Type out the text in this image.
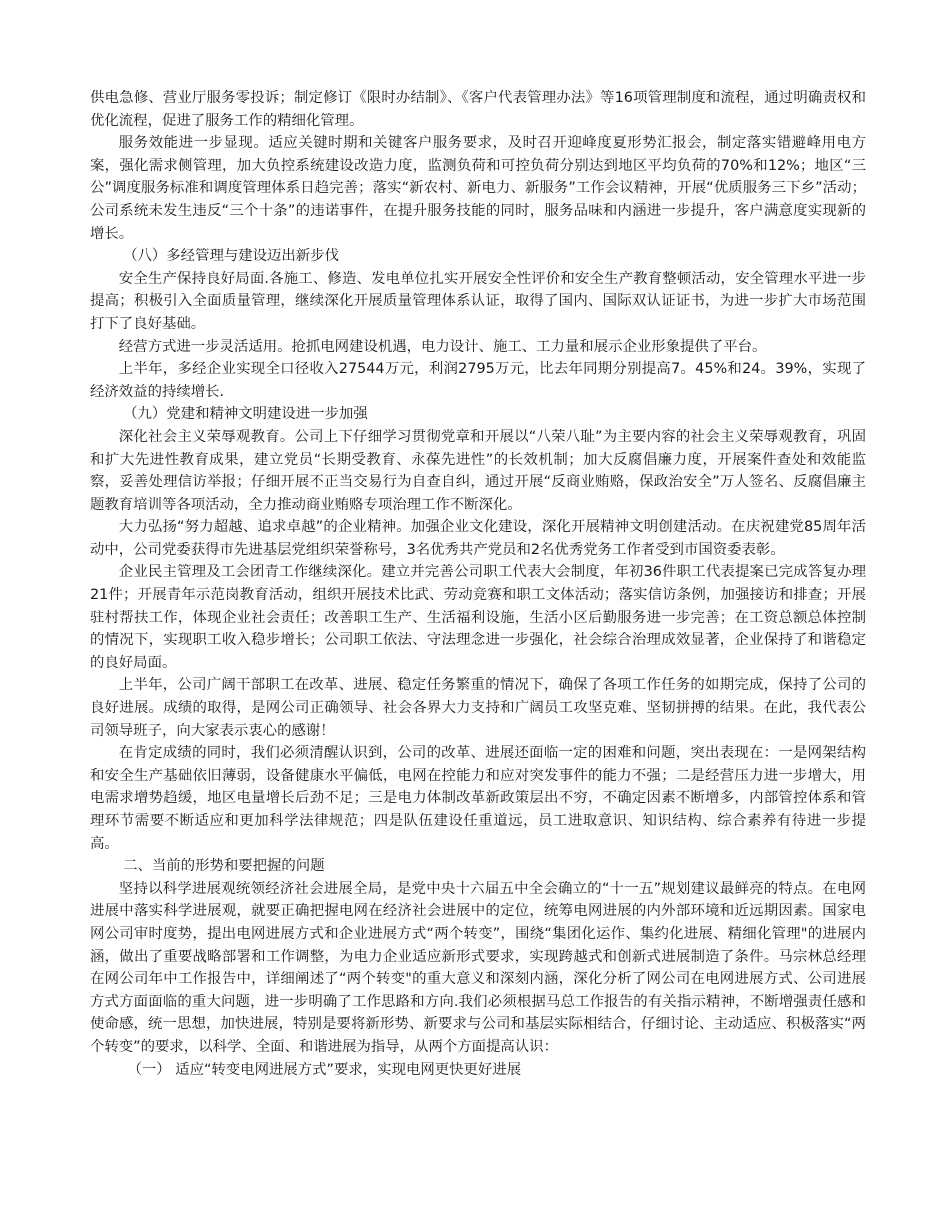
供电急修、营业厅服务零投诉；制定修订《限时办结制》、《客户代表管理办法》等16项管理制度和流程，通过明确责权和优化流程，促进了服务工作的精细化管理。

服务效能进一步显现。适应关键时期和关键客户服务要求，及时召开迎峰度夏形势汇报会，制定落实错避峰用电方案，强化需求侧管理，加大负控系统建设改造力度，监测负荷和可控负荷分别达到地区平均负荷的70%和12%；地区“三公”调度服务标准和调度管理体系日趋完善；落实“新农村、新电力、新服务”工作会议精神，开展“优质服务三下乡”活动；公司系统未发生违反“三个十条”的违诺事件，在提升服务技能的同时，服务品味和内涵进一步提升，客户满意度实现新的增长。

（八）多经管理与建设迈出新步伐

安全生产保持良好局面.各施工、修造、发电单位扎实开展安全性评价和安全生产教育整顿活动，安全管理水平进一步提高；积极引入全面质量管理，继续深化开展质量管理体系认证，取得了国内、国际双认证证书，为进一步扩大市场范围打下了良好基础。

经营方式进一步灵活适用。抢抓电网建设机遇，电力设计、施工、工力量和展示企业形象提供了平台。

上半年，多经企业实现全口径收入27544万元，利润2795万元，比去年同期分别提高7。45%和24。39%，实现了经济效益的持续增长.

（九）党建和精神文明建设进一步加强

深化社会主义荣辱观教育。公司上下仔细学习贯彻党章和开展以“八荣八耻”为主要内容的社会主义荣辱观教育，巩固和扩大先进性教育成果，建立党员“长期受教育、永葆先进性”的长效机制；加大反腐倡廉力度，开展案件查处和效能监察，妥善处理信访举报；仔细开展不正当交易行为自查自纠，通过开展“反商业贿赂，保政治安全”万人签名、反腐倡廉主题教育培训等各项活动，全力推动商业贿赂专项治理工作不断深化。

大力弘扬“努力超越、追求卓越”的企业精神。加强企业文化建设，深化开展精神文明创建活动。在庆祝建党85周年活动中，公司党委获得市先进基层党组织荣誉称号，3名优秀共产党员和2名优秀党务工作者受到市国资委表彰。

企业民主管理及工会团青工作继续深化。建立并完善公司职工代表大会制度，年初36件职工代表提案已完成答复办理21件；开展青年示范岗教育活动，组织开展技术比武、劳动竞赛和职工文体活动；落实信访条例，加强接访和排查；开展驻村帮扶工作，体现企业社会责任；改善职工生产、生活福利设施，生活小区后勤服务进一步完善；在工资总额总体控制的情况下，实现职工收入稳步增长；公司职工依法、守法理念进一步强化，社会综合治理成效显著，企业保持了和谐稳定的良好局面。

上半年，公司广阔干部职工在改革、进展、稳定任务繁重的情况下，确保了各项工作任务的如期完成，保持了公司的良好进展。成绩的取得，是网公司正确领导、社会各界大力支持和广阔员工攻坚克难、坚韧拼搏的结果。在此，我代表公司领导班子，向大家表示衷心的感谢！

在肯定成绩的同时，我们必须清醒认识到，公司的改革、进展还面临一定的困难和问题，突出表现在：一是网架结构和安全生产基础依旧薄弱，设备健康水平偏低，电网在控能力和应对突发事件的能力不强；二是经营压力进一步增大，用电需求增势趋缓，地区电量增长后劲不足；三是电力体制改革新政策层出不穷，不确定因素不断增多，内部管控体系和管理环节需要不断适应和更加科学法律规范；四是队伍建设任重道远，员工进取意识、知识结构、综合素养有待进一步提高。

二、当前的形势和要把握的问题

坚持以科学进展观统领经济社会进展全局，是党中央十六届五中全会确立的“十一五”规划建议最鲜亮的特点。在电网进展中落实科学进展观，就要正确把握电网在经济社会进展中的定位，统筹电网进展的内外部环境和近远期因素。国家电网公司审时度势，提出电网进展方式和企业进展方式“两个转变”，围绕“集团化运作、集约化进展、精细化管理"的进展内涵，做出了重要战略部署和工作调整，为电力企业适应新形式要求，实现跨越式和创新式进展制造了条件。马宗林总经理在网公司年中工作报告中，详细阐述了“两个转变"的重大意义和深刻内涵，深化分析了网公司在电网进展方式、公司进展方式方面面临的重大问题，进一步明确了工作思路和方向.我们必须根据马总工作报告的有关指示精神，不断增强责任感和使命感，统一思想，加快进展，特别是要将新形势、新要求与公司和基层实际相结合，仔细讨论、主动适应、积极落实“两个转变”的要求，以科学、全面、和谐进展为指导，从两个方面提高认识：

（一） 适应“转变电网进展方式”要求，实现电网更快更好进展
